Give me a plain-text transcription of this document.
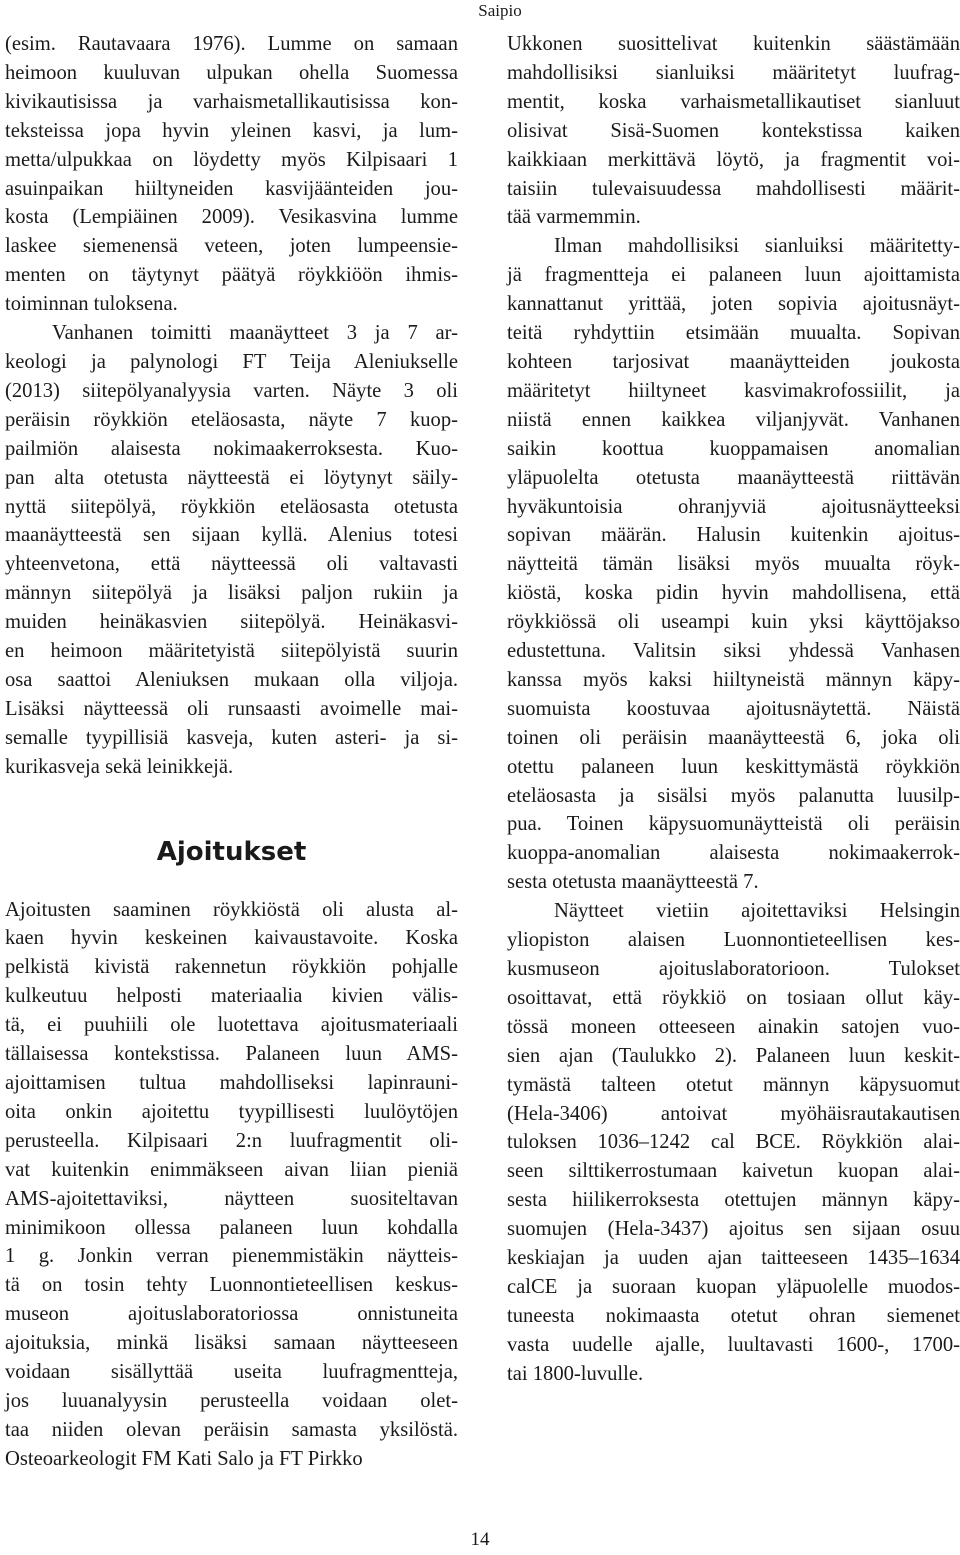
Saipio
(esim. Rautavaara 1976). Lumme on samaan
heimoon kuuluvan ulpukan ohella Suomessa
kivikautisissa ja varhaismetallikautisissa kon-
teksteissa jopa hyvin yleinen kasvi, ja lum-
metta/ulpukkaa on löydetty myös Kilpisaari 1
asuinpaikan hiiltyneiden kasvijäänteiden jou-
kosta (Lempiäinen 2009). Vesikasvina lumme
laskee siemenensä veteen, joten lumpeensie-
menten on täytynyt päätyä röykkiöön ihmis-
toiminnan tuloksena.
Vanhanen toimitti maanäytteet 3 ja 7 ar-
keologi ja palynologi FT Teija Aleniukselle
(2013) siitepölyanalyysia varten. Näyte 3 oli
peräisin röykkiön eteläosasta, näyte 7 kuop-
pailmiön alaisesta nokimaakerroksesta. Kuo-
pan alta otetusta näytteestä ei löytynyt säily-
nyttä siitepölyä, röykkiön eteläosasta otetusta
maanäytteestä sen sijaan kyllä. Alenius totesi
yhteenvetona, että näytteessä oli valtavasti
männyn siitepölyä ja lisäksi paljon rukiin ja
muiden heinäkasvien siitepölyä. Heinäkasvi-
en heimoon määritetyistä siitepölyistä suurin
osa saattoi Aleniuksen mukaan olla viljoja.
Lisäksi näytteessä oli runsaasti avoimelle mai-
semalle tyypillisiä kasveja, kuten asteri- ja si-
kurikasveja sekä leinikkejä.
Ajoitukset
Ajoitusten saaminen röykkiöstä oli alusta al-
kaen hyvin keskeinen kaivaustavoite. Koska
pelkistä kivistä rakennetun röykkiön pohjalle
kulkeutuu helposti materiaalia kivien välis-
tä, ei puuhiili ole luotettava ajoitusmateriaali
tällaisessa kontekstissa. Palaneen luun AMS-
ajoittamisen tultua mahdolliseksi lapinrauni-
oita onkin ajoitettu tyypillisesti luulöytöjen
perusteella. Kilpisaari 2:n luufragmentit oli-
vat kuitenkin enimmäkseen aivan liian pieniä
AMS-ajoitettaviksi, näytteen suositeltavan
minimikoon ollessa palaneen luun kohdalla
1 g. Jonkin verran pienemmistäkin näytteis-
tä on tosin tehty Luonnontieteellisen keskus-
museon ajoituslaboratoriossa onnistuneita
ajoituksia, minkä lisäksi samaan näytteeseen
voidaan sisällyttää useita luufragmentteja,
jos luuanalyysin perusteella voidaan olet-
taa niiden olevan peräisin samasta yksilöstä.
Osteoarkeologit FM Kati Salo ja FT Pirkko
Ukkonen suosittelivat kuitenkin säästämään
mahdollisiksi sianluiksi määritetyt luufrag-
mentit, koska varhaismetallikautiset sianluut
olisivat Sisä-Suomen kontekstissa kaiken
kaikkiaan merkittävä löytö, ja fragmentit voi-
taisiin tulevaisuudessa mahdollisesti määrit-
tää varmemmin.
Ilman mahdollisiksi sianluiksi määritetty-
jä fragmentteja ei palaneen luun ajoittamista
kannattanut yrittää, joten sopivia ajoitusnäyt-
teitä ryhdyttiin etsimään muualta. Sopivan
kohteen tarjosivat maanäytteiden joukosta
määritetyt hiiltyneet kasvimakrofossiilit, ja
niistä ennen kaikkea viljanjyvät. Vanhanen
saikin koottua kuoppamaisen anomalian
yläpuolelta otetusta maanäytteestä riittävän
hyväkuntoisia ohranjyviä ajoitusnäytteeksi
sopivan määrän. Halusin kuitenkin ajoitus-
näytteitä tämän lisäksi myös muualta röyk-
kiöstä, koska pidin hyvin mahdollisena, että
röykkiössä oli useampi kuin yksi käyttöjakso
edustettuna. Valitsin siksi yhdessä Vanhasen
kanssa myös kaksi hiiltyneistä männyn käpy-
suomuista koostuvaa ajoitusnäytettä. Näistä
toinen oli peräisin maanäytteestä 6, joka oli
otettu palaneen luun keskittymästä röykkiön
eteläosasta ja sisälsi myös palanutta luusilp-
pua. Toinen käpysuomunäytteistä oli peräisin
kuoppa-anomalian alaisesta nokimaakerrok-
sesta otetusta maanäytteestä 7.
Näytteet vietiin ajoitettaviksi Helsingin
yliopiston alaisen Luonnontieteellisen kes-
kusmuseon ajoituslaboratorioon. Tulokset
osoittavat, että röykkiö on tosiaan ollut käy-
tössä moneen otteeseen ainakin satojen vuo-
sien ajan (Taulukko 2). Palaneen luun keskit-
tymästä talteen otetut männyn käpysuomut
(Hela-3406) antoivat myöhäisrautakautisen
tuloksen 1036–1242 cal BCE. Röykkiön alai-
seen silttikerrostumaan kaivetun kuopan alai-
sesta hiilikerroksesta otettujen männyn käpy-
suomujen (Hela-3437) ajoitus sen sijaan osuu
keskiajan ja uuden ajan taitteeseen 1435–1634
calCE ja suoraan kuopan yläpuolelle muodos-
tuneesta nokimaasta otetut ohran siemenet
vasta uudelle ajalle, luultavasti 1600-, 1700-
tai 1800-luvulle.
14
